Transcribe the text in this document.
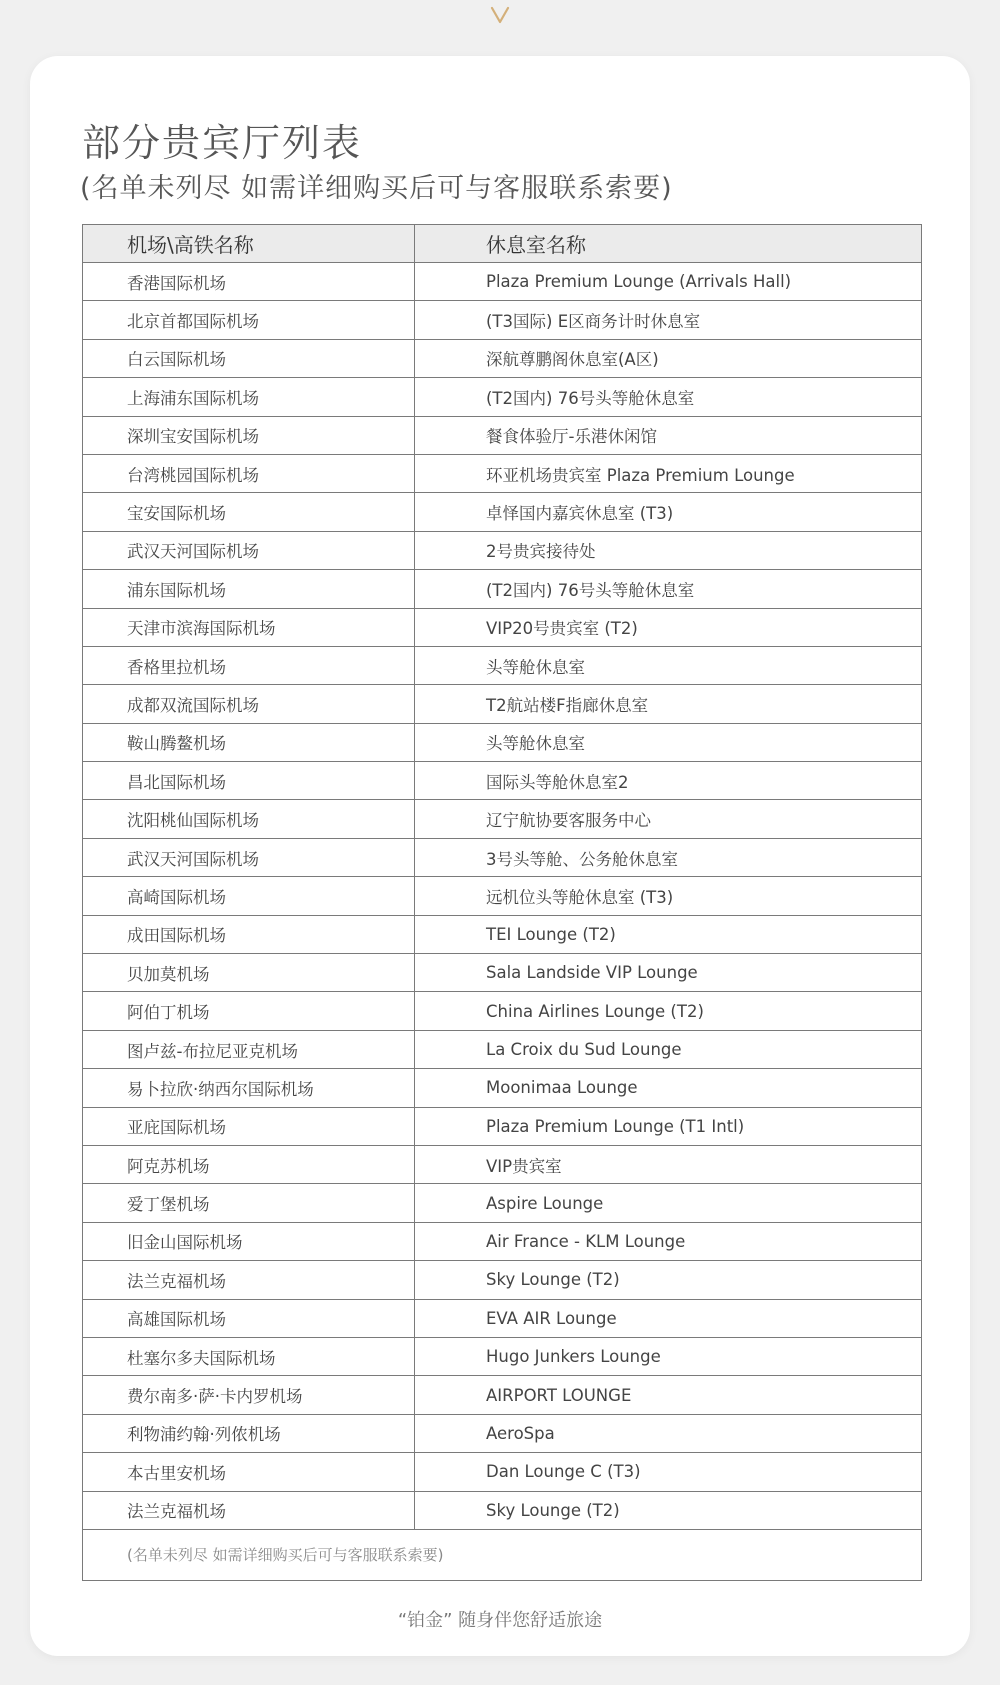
部分贵宾厅列表
(名单未列尽 如需详细购买后可与客服联系索要)
机场\高铁名称	休息室名称
香港国际机场	Plaza Premium Lounge (Arrivals Hall)
北京首都国际机场	(T3国际) E区商务计时休息室
白云国际机场	深航尊鹏阁休息室(A区)
上海浦东国际机场	(T2国内) 76号头等舱休息室
深圳宝安国际机场	餐食体验厅-乐港休闲馆
台湾桃园国际机场	环亚机场贵宾室 Plaza Premium Lounge
宝安国际机场	卓怿国内嘉宾休息室 (T3)
武汉天河国际机场	2号贵宾接待处
浦东国际机场	(T2国内) 76号头等舱休息室
天津市滨海国际机场	VIP20号贵宾室 (T2)
香格里拉机场	头等舱休息室
成都双流国际机场	T2航站楼F指廊休息室
鞍山腾鳌机场	头等舱休息室
昌北国际机场	国际头等舱休息室2
沈阳桃仙国际机场	辽宁航协要客服务中心
武汉天河国际机场	3号头等舱、公务舱休息室
高崎国际机场	远机位头等舱休息室 (T3)
成田国际机场	TEI Lounge (T2)
贝加莫机场	Sala Landside VIP Lounge
阿伯丁机场	China Airlines Lounge (T2)
图卢兹-布拉尼亚克机场	La Croix du Sud Lounge
易卜拉欣·纳西尔国际机场	Moonimaa Lounge
亚庇国际机场	Plaza Premium Lounge (T1 Intl)
阿克苏机场	VIP贵宾室
爱丁堡机场	Aspire Lounge
旧金山国际机场	Air France - KLM Lounge
法兰克福机场	Sky Lounge (T2)
高雄国际机场	EVA AIR Lounge
杜塞尔多夫国际机场	Hugo Junkers Lounge
费尔南多·萨·卡内罗机场	AIRPORT LOUNGE
利物浦约翰·列侬机场	AeroSpa
本古里安机场	Dan Lounge C (T3)
法兰克福机场	Sky Lounge (T2)
(名单未列尽 如需详细购买后可与客服联系索要)
“铂金” 随身伴您舒适旅途
